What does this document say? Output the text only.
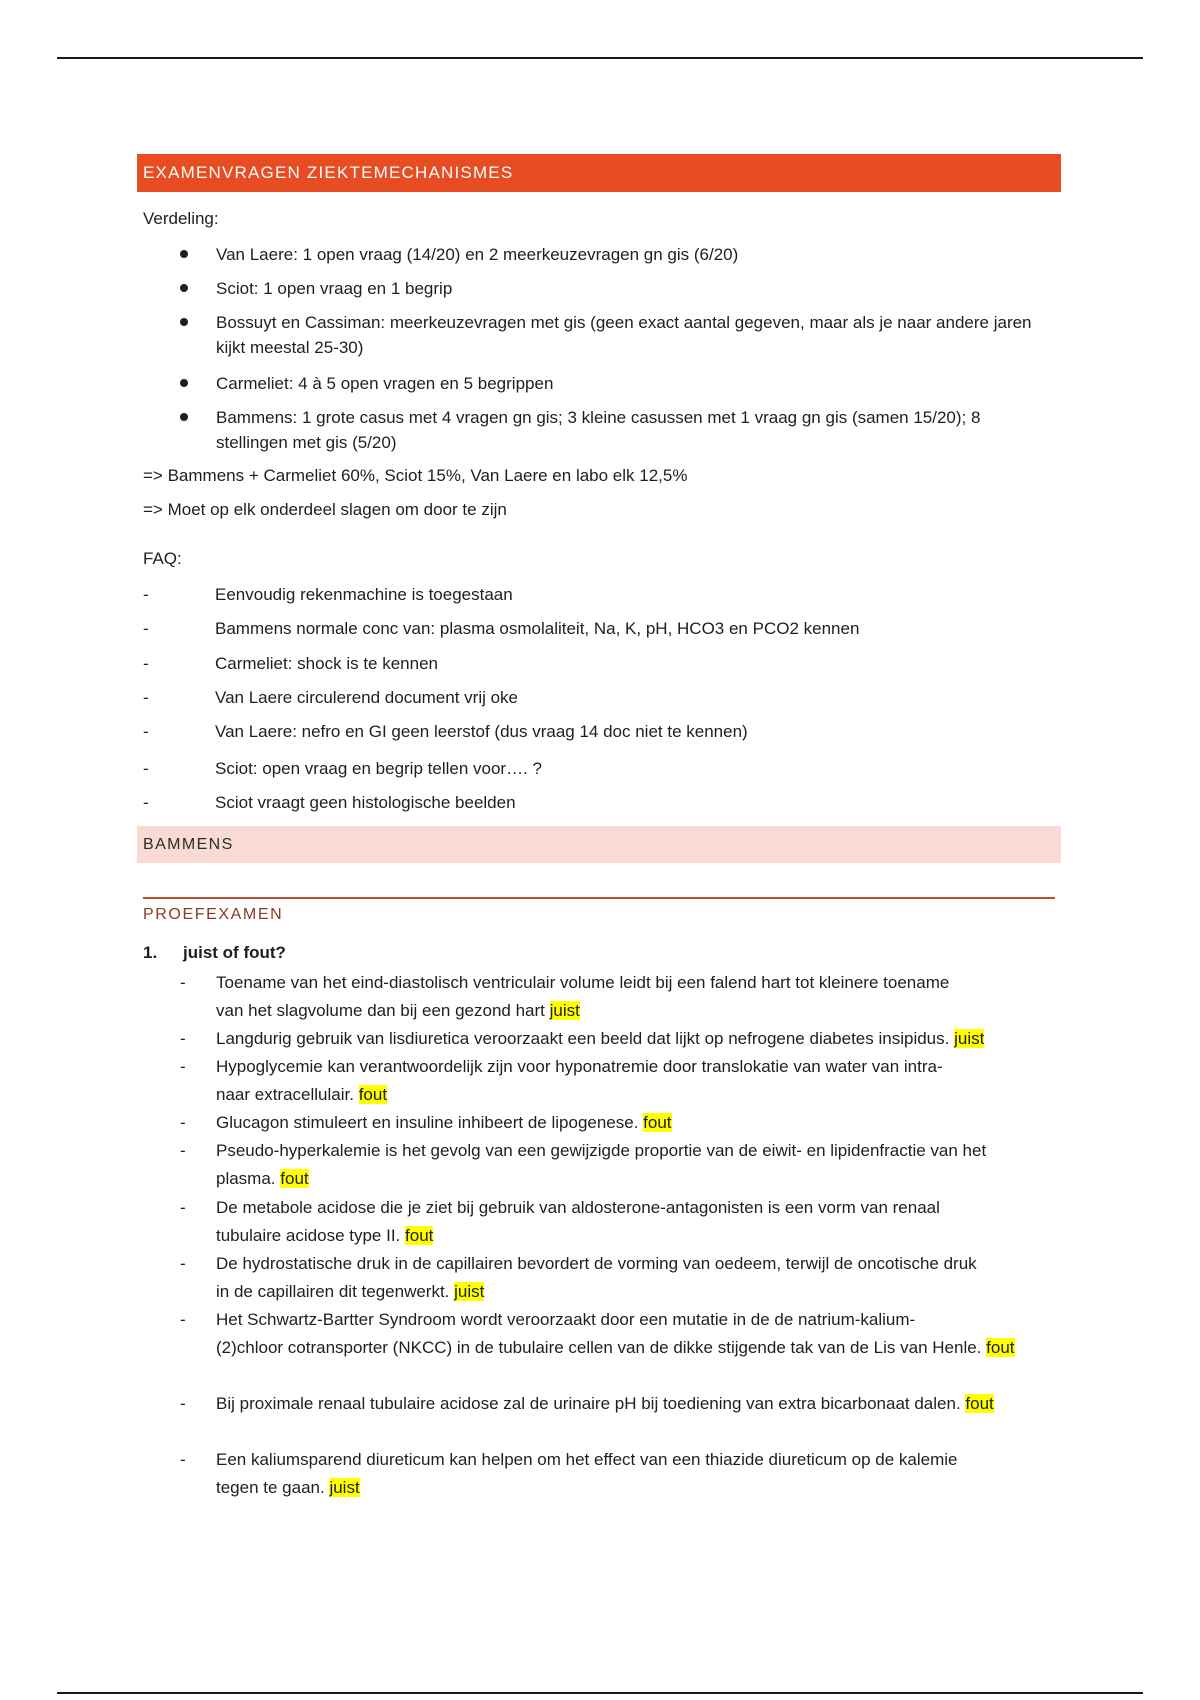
EXAMENVRAGEN ZIEKTEMECHANISMES
Verdeling:
Van Laere: 1 open vraag (14/20) en 2 meerkeuzevragen gn gis (6/20)
Sciot: 1 open vraag en 1 begrip
Bossuyt en Cassiman: meerkeuzevragen met gis (geen exact aantal gegeven, maar als je naar andere jaren kijkt meestal 25-30)
Carmeliet: 4 à 5 open vragen en 5 begrippen
Bammens: 1 grote casus met 4 vragen gn gis; 3 kleine casussen met 1 vraag gn gis (samen 15/20); 8 stellingen met gis (5/20)
=> Bammens + Carmeliet 60%, Sciot 15%, Van Laere en labo elk 12,5%
=> Moet op elk onderdeel slagen om door te zijn
FAQ:
-	Eenvoudig rekenmachine is toegestaan
-	Bammens normale conc van: plasma osmolaliteit, Na, K, pH, HCO3 en PCO2 kennen
-	Carmeliet: shock is te kennen
-	Van Laere circulerend document vrij oke
-	Van Laere: nefro en GI geen leerstof (dus vraag 14 doc niet te kennen)
-	Sciot: open vraag en begrip tellen voor…. ?
-	Sciot vraagt geen histologische beelden
BAMMENS
PROEFEXAMEN
1. juist of fout?
- Toename van het eind-diastolisch ventriculair volume leidt bij een falend hart tot kleinere toename
van het slagvolume dan bij een gezond hart juist
- Langdurig gebruik van lisdiuretica veroorzaakt een beeld dat lijkt op nefrogene diabetes insipidus. juist
- Hypoglycemie kan verantwoordelijk zijn voor hyponatremie door translokatie van water van intra-
naar extracellulair. fout
- Glucagon stimuleert en insuline inhibeert de lipogenese. fout
- Pseudo-hyperkalemie is het gevolg van een gewijzigde proportie van de eiwit- en lipidenfractie van het
plasma. fout
- De metabole acidose die je ziet bij gebruik van aldosterone-antagonisten is een vorm van renaal
tubulaire acidose type II. fout
- De hydrostatische druk in de capillairen bevordert de vorming van oedeem, terwijl de oncotische druk
in de capillairen dit tegenwerkt. juist
- Het Schwartz-Bartter Syndroom wordt veroorzaakt door een mutatie in de de natrium-kalium-
(2)chloor cotransporter (NKCC) in de tubulaire cellen van de dikke stijgende tak van de Lis van Henle. fout
- Bij proximale renaal tubulaire acidose zal de urinaire pH bij toediening van extra bicarbonaat dalen. fout
- Een kaliumsparend diureticum kan helpen om het effect van een thiazide diureticum op de kalemie
tegen te gaan. juist
